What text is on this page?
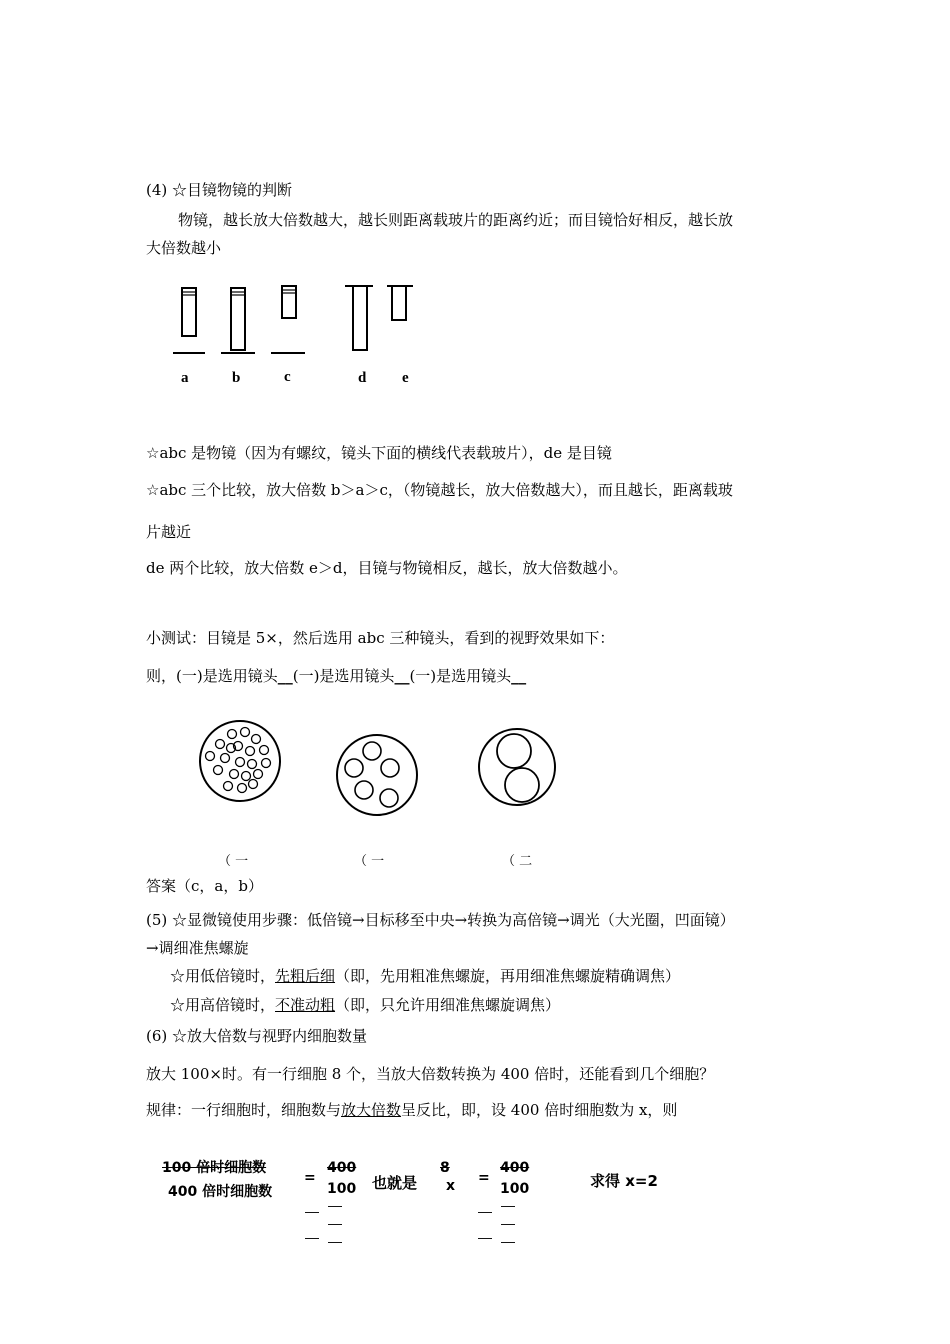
(4) ☆目镜物镜的判断
物镜，越长放大倍数越大，越长则距离载玻片的距离约近；而目镜恰好相反，越长放
大倍数越小
a	b	c	d e
☆abc 是物镜（因为有螺纹，镜头下面的横线代表载玻片），de 是目镜
☆abc 三个比较，放大倍数 b＞a＞c，（物镜越长，放大倍数越大），而且越长，距离载玻
片越近
de 两个比较，放大倍数 e＞d，目镜与物镜相反，越长，放大倍数越小。
小测试：目镜是 5×，然后选用 abc 三种镜头，看到的视野效果如下：
则，(一)是选用镜头__(一)是选用镜头__(一)是选用镜头__
（ 一	（ 一	（ 二
答案（c，a，b）
(5) ☆显微镜使用步骤：低倍镜→目标移至中央→转换为高倍镜→调光（大光圈，凹面镜）
→调细准焦螺旋
☆用低倍镜时，先粗后细（即，先用粗准焦螺旋，再用细准焦螺旋精确调焦）
☆用高倍镜时，不准动粗（即，只允许用细准焦螺旋调焦）
(6) ☆放大倍数与视野内细胞数量
放大 100×时。有一行细胞 8 个，当放大倍数转换为 400 倍时，还能看到几个细胞？
规律：一行细胞时，细胞数与放大倍数呈反比，即，设 400 倍时细胞数为 x，则
100 倍时细胞数
400 倍时细胞数
=
400
100
—
—
—
—
—
也就是
8
x =
400
100
—
—
—
—
—
求得 x=2
